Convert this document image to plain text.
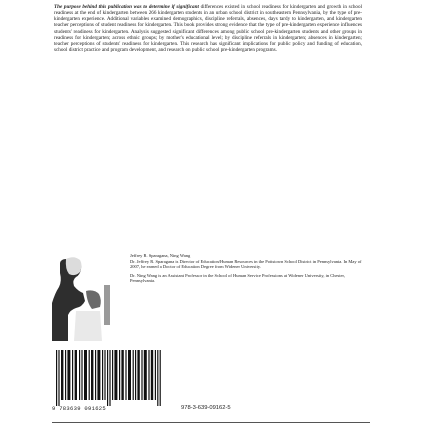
The purpose behind this publication was to determine if significant differences existed in school readiness for kindergarten and growth in school readiness at the end of kindergarten between 266 kindergarten students in an urban school district in southeastern Pennsylvania, by the type of pre-kindergarten experience. Additional variables examined demographics, discipline referrals, absences, days tardy to kindergarten, and kindergarten teacher perceptions of student readiness for kindergarten. This book provides strong evidence that the type of pre-kindergarten experience influences students' readiness for kindergarten. Analysis suggested significant differences among public school pre-kindergarten students and other groups in readiness for kindergarten; across ethnic groups; by mother's educational level; by discipline referrals in kindergarten; absences in kindergarten; teacher perceptions of students' readiness for kindergarten. This research has significant implications for public policy and funding of education, school district practice and program development, and research on public school pre-kindergarten programs.

Jeffrey R. Sparagana, Ning Wang
Dr. Jeffrey R. Sparagana is Director of Education/Human Resources in the Pottstown School District in Pennsylvania. In May of 2007, he earned a Doctor of Education Degree from Widener University.

Dr. Ning Wang is an Assistant Professor in the School of Human Service Professions at Widener University, in Chester, Pennsylvania.

9 783639 091625	978-3-639-09162-5
